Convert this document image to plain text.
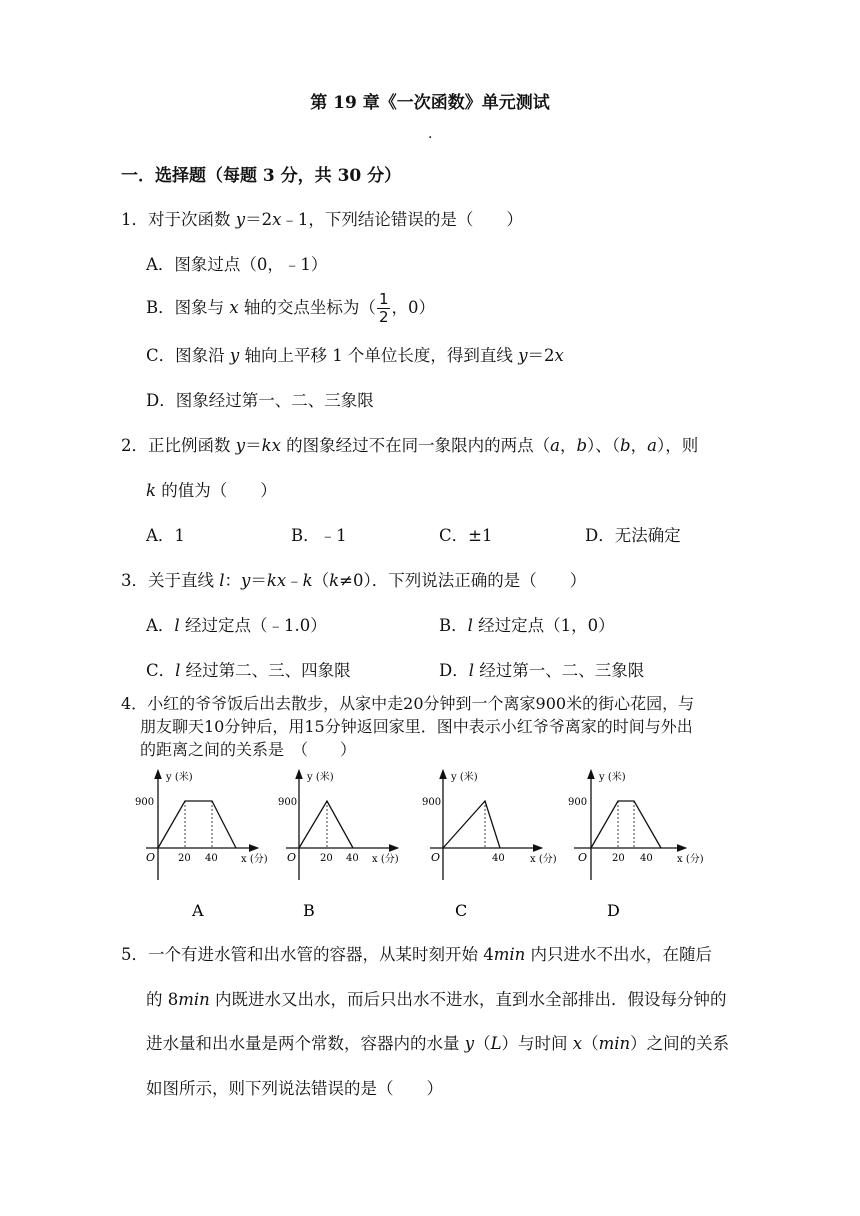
第 19 章《一次函数》单元测试
.
一．选择题（每题 3 分，共 30 分）
1．对于次函数 y＝2x﹣1，下列结论错误的是（　　）
A．图象过点（0，﹣1）
B．图象与 x 轴的交点坐标为（ $\frac{1}{2}$ ，0）
C．图象沿 y 轴向上平移 1 个单位长度，得到直线 y＝2x
D．图象经过第一、二、三象限
2．正比例函数 y＝kx 的图象经过不在同一象限内的两点（a，b）、（b，a），则
k 的值为（　　）
A．1	B．﹣1	C．±1	D．无法确定
3．关于直线 l：y＝kx﹣k（k≠0）．下列说法正确的是（　　）
A．l 经过定点（﹣1.0）	B．l 经过定点（1，0）
C．l 经过第二、三、四象限	D．l 经过第一、二、三象限
4．小红的爷爷饭后出去散步，从家中走20分钟到一个离家900米的街心花园，与
朋友聊天10分钟后，用15分钟返回家里．图中表示小红爷爷离家的时间与外出
的距离之间的关系是　（　　）
900
y (米)
O 20 40 x (分)
A
900
y (米)
O 20 40 x (分)
B
900
y (米)
O	40	x (分)
C
900
y (米)
O 20 40 x (分)
D
5．一个有进水管和出水管的容器，从某时刻开始 4min 内只进水不出水，在随后
的 8min 内既进水又出水，而后只出水不进水，直到水全部排出．假设每分钟的
进水量和出水量是两个常数，容器内的水量 y（L）与时间 x（min）之间的关系
如图所示，则下列说法错误的是（　　）
